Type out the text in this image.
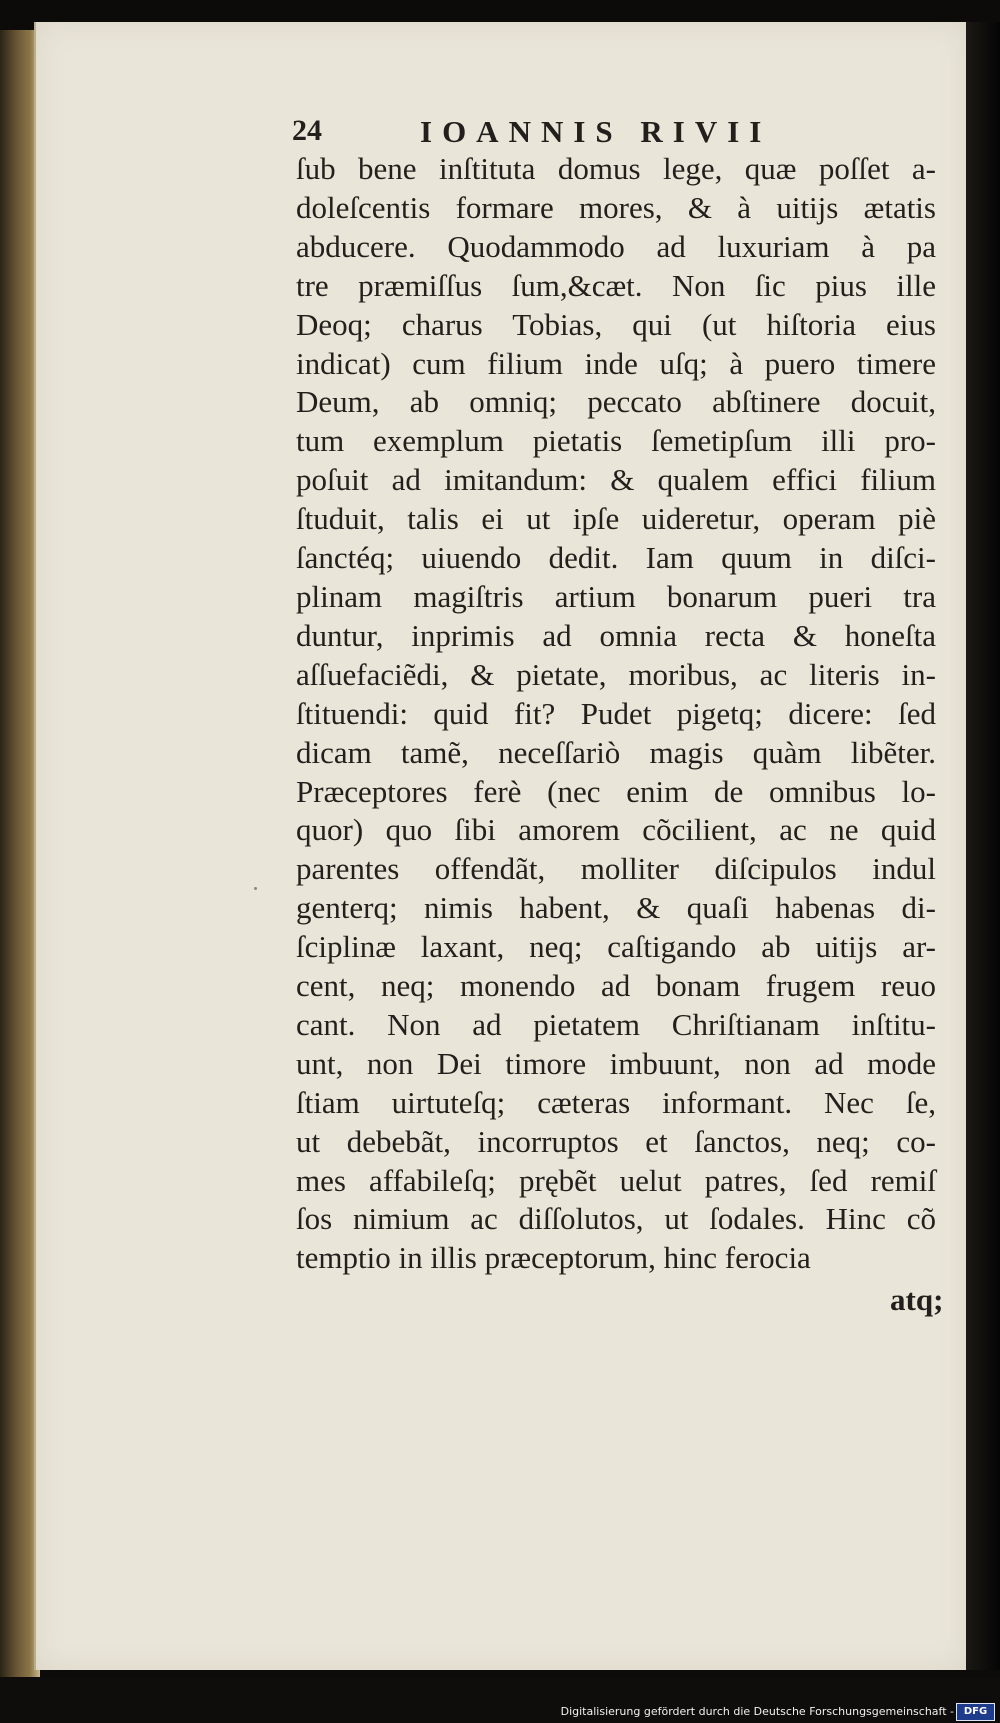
24	IOANNIS RIVII
ſub bene inſtituta domus lege, quæ poſſet a-
doleſcentis formare mores, & à uitijs ætatis
abducere. Quodammodo ad luxuriam à pa
tre præmiſſus ſum,&cæt. Non ſic pius ille
Deoq; charus Tobias, qui (ut hiſtoria eius
indicat) cum filium inde uſq; à puero timere
Deum, ab omniq; peccato abſtinere docuit,
tum exemplum pietatis ſemetipſum illi pro-
poſuit ad imitandum: & qualem effici filium
ſtuduit, talis ei ut ipſe uideretur, operam piè
ſanctéq; uiuendo dedit. Iam quum in diſci-
plinam magiſtris artium bonarum pueri tra
duntur, inprimis ad omnia recta & honeſta
aſſuefaciẽdi, & pietate, moribus, ac literis in-
ſtituendi: quid fit? Pudet pigetq; dicere: ſed
dicam tamẽ, neceſſariò magis quàm libẽter.
Præceptores ferè (nec enim de omnibus lo-
quor) quo ſibi amorem cõcilient, ac ne quid
parentes offendãt, molliter diſcipulos indul
genterq; nimis habent, & quaſi habenas di-
ſciplinæ laxant, neq; caſtigando ab uitijs ar-
cent, neq; monendo ad bonam frugem reuo
cant. Non ad pietatem Chriſtianam inſtitu-
unt, non Dei timore imbuunt, non ad mode
ſtiam uirtuteſq; cæteras informant. Nec ſe,
ut debebãt, incorruptos et ſanctos, neq; co-
mes affabileſq; prębẽt uelut patres, ſed remiſ
ſos nimium ac diſſolutos, ut ſodales. Hinc cõ
temptio in illis præceptorum, hinc ferocia
atq;
Digitalisierung gefördert durch die Deutsche Forschungsgemeinschaft - DFG
